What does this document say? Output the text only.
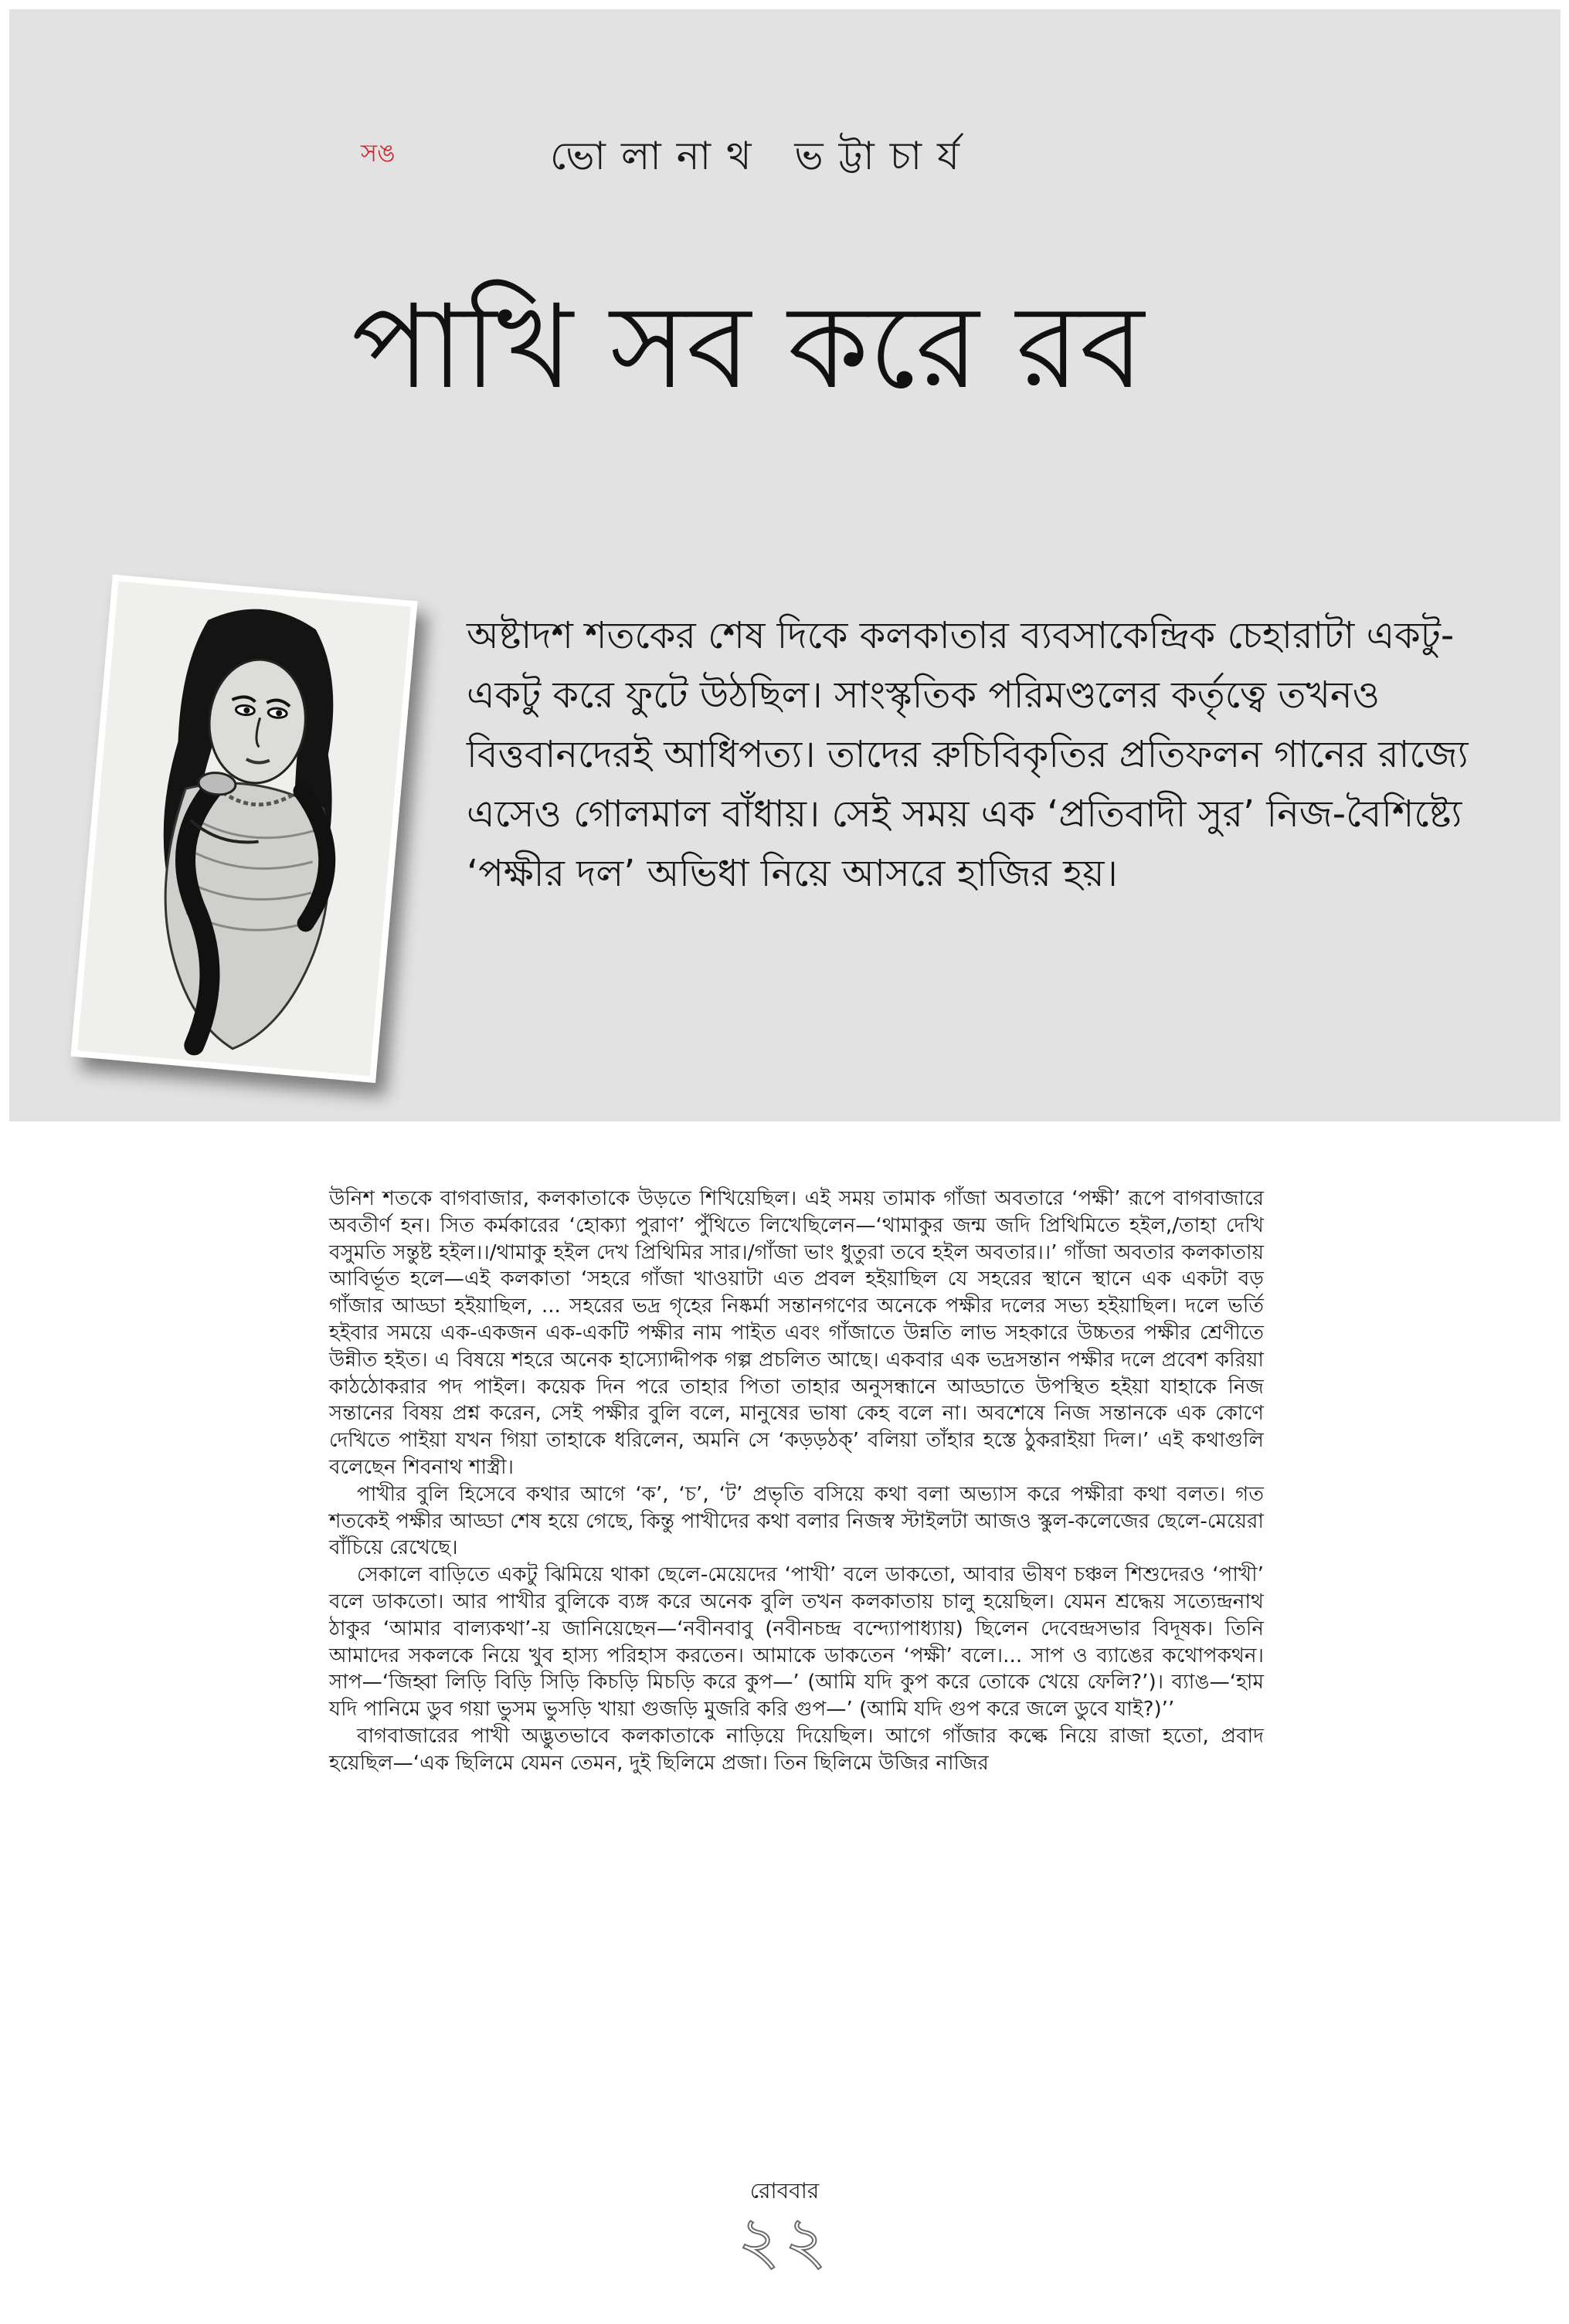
সঙ	ভোলানাথ ভট্টাচার্য
পাখি সব করে রব

অষ্টাদশ শতকের শেষ দিকে কলকাতার ব্যবসাকেন্দ্রিক চেহারাটা একটু-একটু করে ফুটে উঠছিল। সাংস্কৃতিক পরিমণ্ডলের কর্তৃত্বে তখনও বিত্তবানদেরই আধিপত্য। তাদের রুচিবিকৃতির প্রতিফলন গানের রাজ্যে এসেও গোলমাল বাঁধায়। সেই সময় এক ‘প্রতিবাদী সুর’ নিজ-বৈশিষ্ট্যে ‘পক্ষীর দল’ অভিধা নিয়ে আসরে হাজির হয়।

উনিশ শতকে বাগবাজার, কলকাতাকে উড়তে শিখিয়েছিল। এই সময় তামাক গাঁজা অবতারে ‘পক্ষী’ রূপে বাগবাজারে অবতীর্ণ হন। সিত কর্মকারের ‘হোক্যা পুরাণ’ পুঁথিতে লিখেছিলেন—‘থামাকুর জন্ম জদি প্রিথিমিতে হইল,/তাহা দেখি বসুমতি সন্তুষ্ট হইল।।/থামাকু হইল দেখ প্রিথিমির সার।/গাঁজা ভাং ধুতুরা তবে হইল অবতার।।’ গাঁজা অবতার কলকাতায় আবির্ভূত হলে—এই কলকাতা ‘সহরে গাঁজা খাওয়াটা এত প্রবল হইয়াছিল যে সহরের স্থানে স্থানে এক একটা বড় গাঁজার আড্ডা হইয়াছিল, ... সহরের ভদ্র গৃহের নিষ্কর্মা সন্তানগণের অনেকে পক্ষীর দলের সভ্য হইয়াছিল। দলে ভর্তি হইবার সময়ে এক-একজন এক-একটি পক্ষীর নাম পাইত এবং গাঁজাতে উন্নতি লাভ সহকারে উচ্চতর পক্ষীর শ্রেণীতে উন্নীত হইত। এ বিষয়ে শহরে অনেক হাস্যোদ্দীপক গল্প প্রচলিত আছে। একবার এক ভদ্রসন্তান পক্ষীর দলে প্রবেশ করিয়া কাঠঠোকরার পদ পাইল। কয়েক দিন পরে তাহার পিতা তাহার অনুসন্ধানে আড্ডাতে উপস্থিত হইয়া যাহাকে নিজ সন্তানের বিষয় প্রশ্ন করেন, সেই পক্ষীর বুলি বলে, মানুষের ভাষা কেহ বলে না। অবশেষে নিজ সন্তানকে এক কোণে দেখিতে পাইয়া যখন গিয়া তাহাকে ধরিলেন, অমনি সে ‘কড়ড়ঠক্’ বলিয়া তাঁহার হস্তে ঠুকরাইয়া দিল।’ এই কথাগুলি বলেছেন শিবনাথ শাস্ত্রী।

পাখীর বুলি হিসেবে কথার আগে ‘ক’, ‘চ’, ‘ট’ প্রভৃতি বসিয়ে কথা বলা অভ্যাস করে পক্ষীরা কথা বলত। গত শতকেই পক্ষীর আড্ডা শেষ হয়ে গেছে, কিন্তু পাখীদের কথা বলার নিজস্ব স্টাইলটা আজও স্কুল-কলেজের ছেলে-মেয়েরা বাঁচিয়ে রেখেছে।

সেকালে বাড়িতে একটু ঝিমিয়ে থাকা ছেলে-মেয়েদের ‘পাখী’ বলে ডাকতো, আবার ভীষণ চঞ্চল শিশুদেরও ‘পাখী’ বলে ডাকতো। আর পাখীর বুলিকে ব্যঙ্গ করে অনেক বুলি তখন কলকাতায় চালু হয়েছিল। যেমন শ্রদ্ধেয় সত্যেন্দ্রনাথ ঠাকুর ‘আমার বাল্যকথা’-য় জানিয়েছেন—‘নবীনবাবু (নবীনচন্দ্র বন্দ্যোপাধ্যায়) ছিলেন দেবেন্দ্রসভার বিদূষক। তিনি আমাদের সকলকে নিয়ে খুব হাস্য পরিহাস করতেন। আমাকে ডাকতেন ‘পক্ষী’ বলে।... সাপ ও ব্যাঙের কথোপকথন। সাপ—‘জিহ্বা লিড়ি বিড়ি সিড়ি কিচড়ি মিচড়ি করে কুপ—’ (আমি যদি কুপ করে তোকে খেয়ে ফেলি?’)। ব্যাঙ—‘হাম যদি পানিমে ডুব গয়া ভুসম ভুসড়ি খায়া গুজড়ি মুজরি করি গুপ—’ (আমি যদি গুপ করে জলে ডুবে যাই?)’’

বাগবাজারের পাখী অদ্ভুতভাবে কলকাতাকে নাড়িয়ে দিয়েছিল। আগে গাঁজার কল্কে নিয়ে রাজা হতো, প্রবাদ হয়েছিল—‘এক ছিলিমে যেমন তেমন, দুই ছিলিমে প্রজা। তিন ছিলিমে উজির নাজির

রোববার
২২
